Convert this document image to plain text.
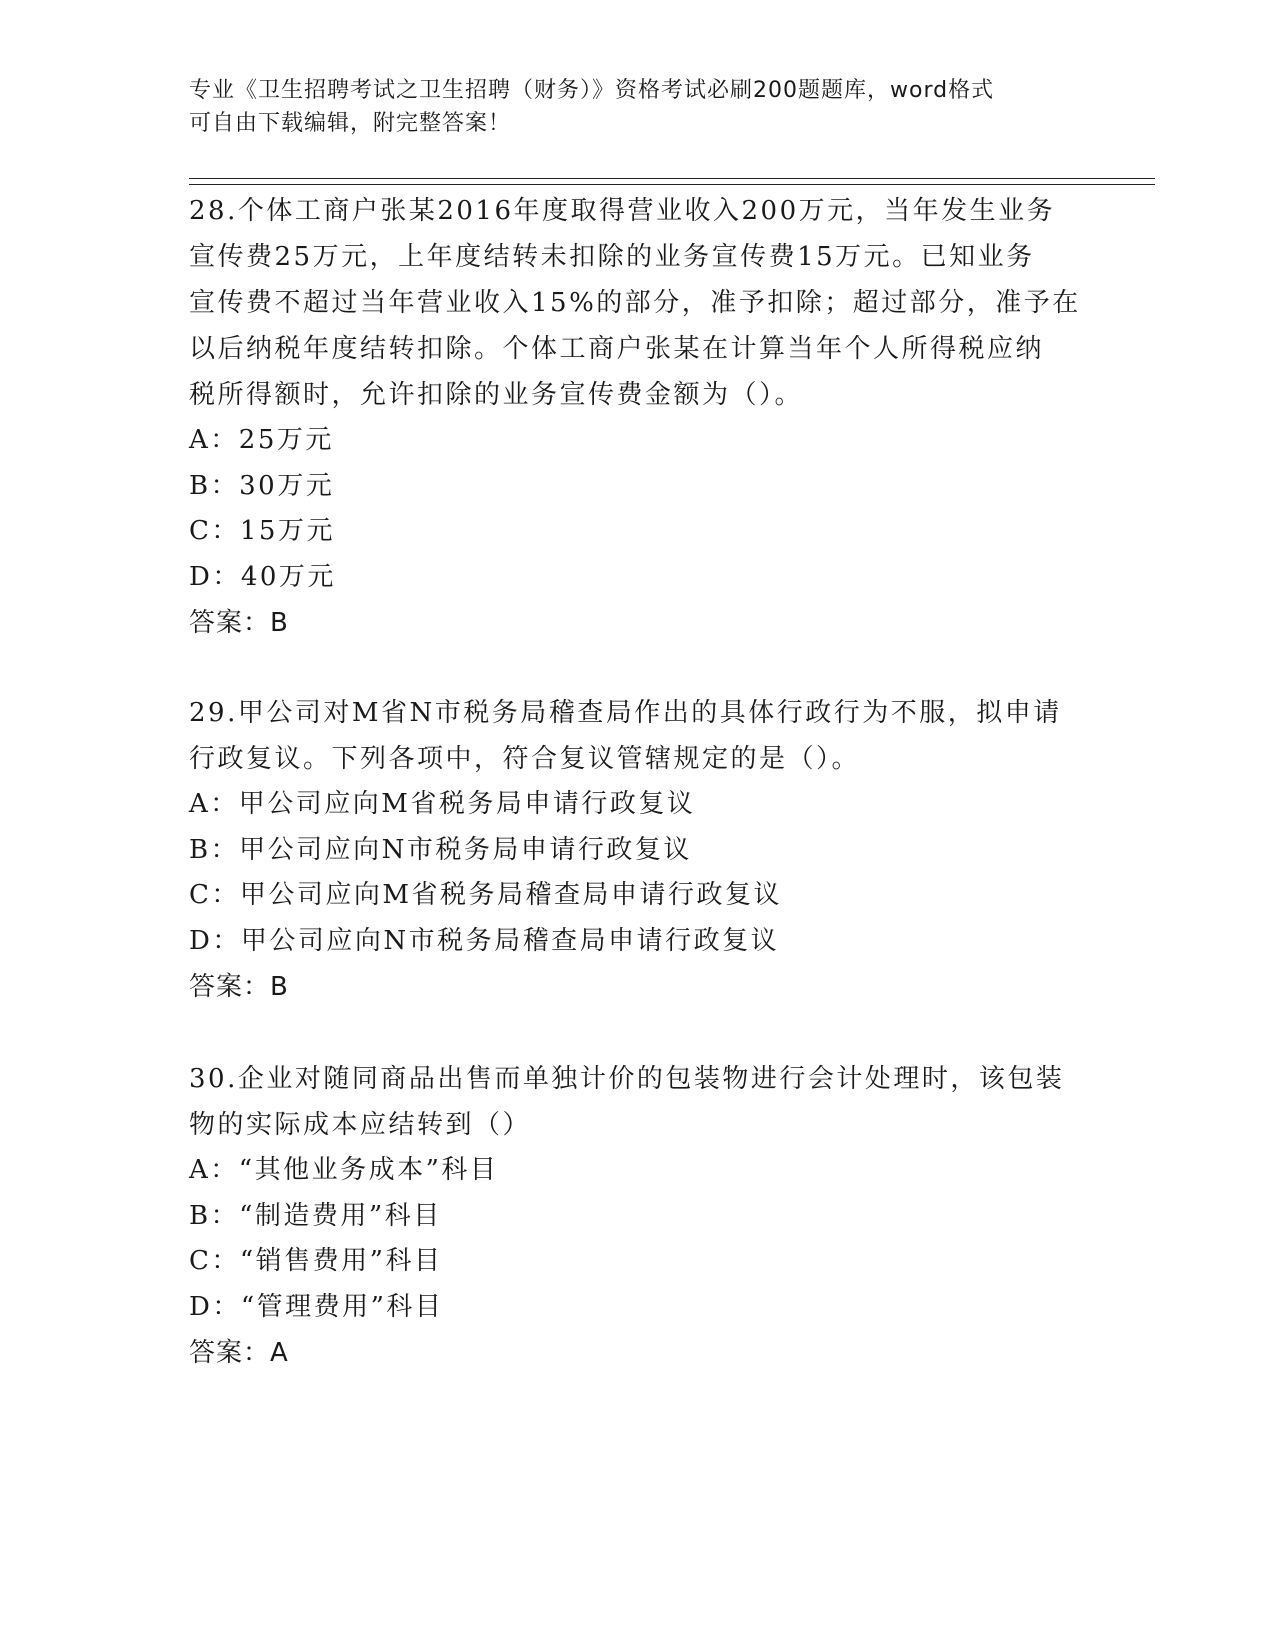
专业《卫生招聘考试之卫生招聘（财务）》资格考试必刷200题题库，word格式
可自由下载编辑，附完整答案！

28.个体工商户张某2016年度取得营业收入200万元，当年发生业务

宣传费25万元，上年度结转未扣除的业务宣传费15万元。已知业务

宣传费不超过当年营业收入15%的部分，准予扣除；超过部分，准予在

以后纳税年度结转扣除。个体工商户张某在计算当年个人所得税应纳

税所得额时，允许扣除的业务宣传费金额为（）。

A：25万元

B：30万元

C：15万元

D：40万元

答案：B

29.甲公司对M省N市税务局稽查局作出的具体行政行为不服，拟申请

行政复议。下列各项中，符合复议管辖规定的是（）。

A：甲公司应向M省税务局申请行政复议

B：甲公司应向N市税务局申请行政复议

C：甲公司应向M省税务局稽查局申请行政复议

D：甲公司应向N市税务局稽查局申请行政复议

答案：B

30.企业对随同商品出售而单独计价的包装物进行会计处理时，该包装

物的实际成本应结转到（）

A：“其他业务成本”科目

B：“制造费用”科目

C：“销售费用”科目

D：“管理费用”科目

答案：A
